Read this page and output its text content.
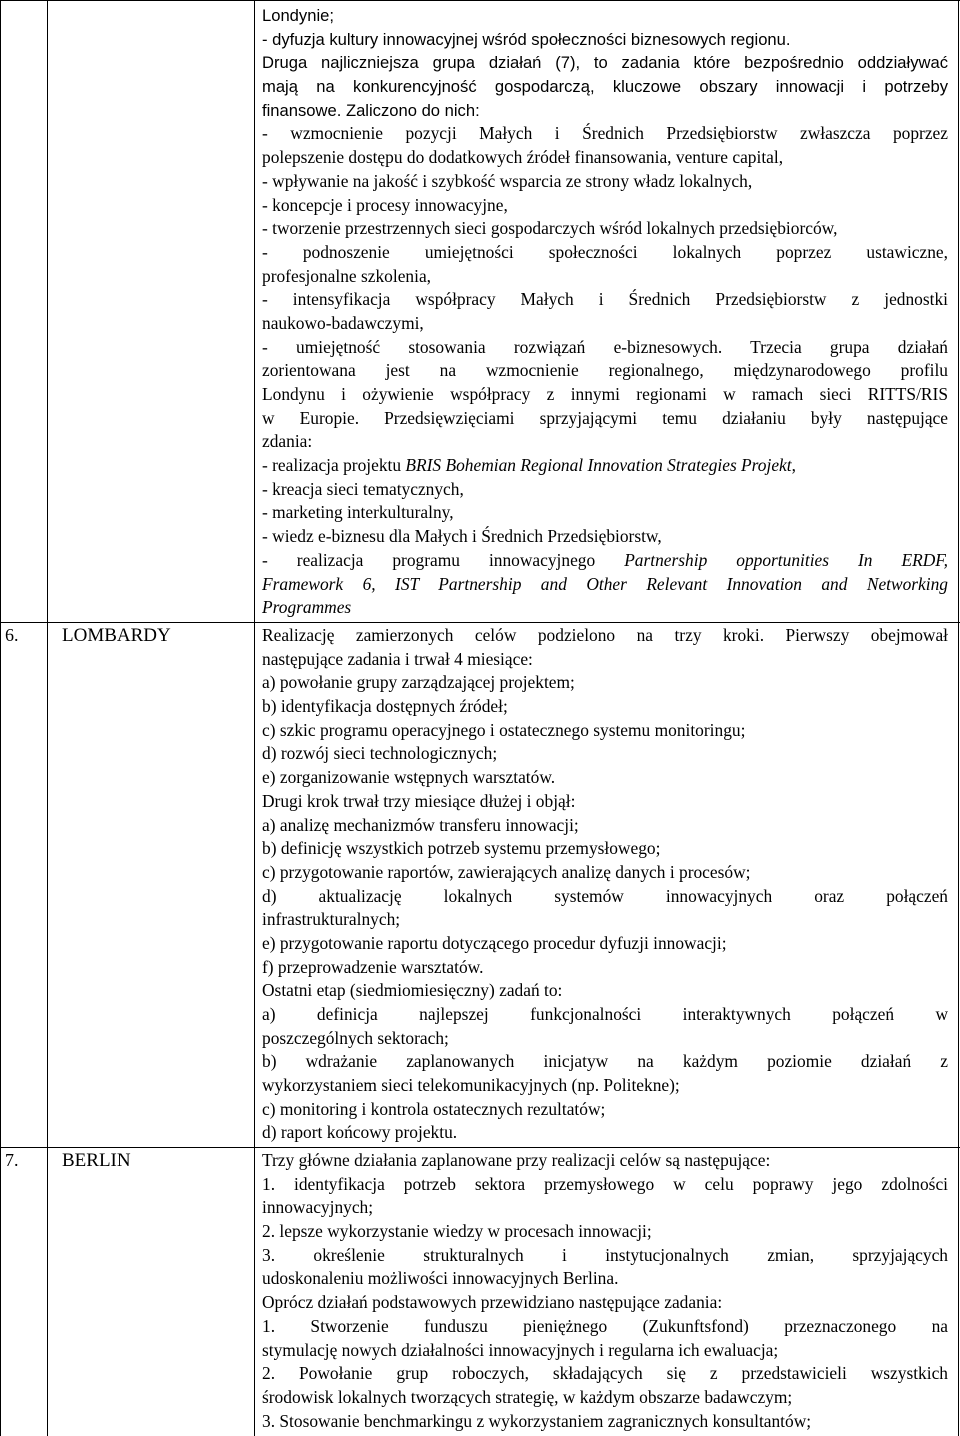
Londynie;
- dyfuzja kultury innowacyjnej wśród społeczności biznesowych regionu.
Druga najliczniejsza grupa działań (7), to zadania które bezpośrednio oddziaływać
mają na konkurencyjność gospodarczą, kluczowe obszary innowacji i potrzeby
finansowe. Zaliczono do nich:
- wzmocnienie pozycji Małych i Średnich Przedsiębiorstw zwłaszcza poprzez
polepszenie dostępu do dodatkowych źródeł finansowania, venture capital,
- wpływanie na jakość i szybkość wsparcia ze strony władz lokalnych,
- koncepcje i procesy innowacyjne,
- tworzenie przestrzennych sieci gospodarczych wśród lokalnych przedsiębiorców,
- podnoszenie umiejętności społeczności lokalnych poprzez ustawiczne,
profesjonalne szkolenia,
- intensyfikacja współpracy Małych i Średnich Przedsiębiorstw z jednostki
naukowo-badawczymi,
- umiejętność stosowania rozwiązań e-biznesowych. Trzecia grupa działań
zorientowana jest na wzmocnienie regionalnego, międzynarodowego profilu
Londynu i ożywienie współpracy z innymi regionami w ramach sieci RITTS/RIS
w Europie. Przedsięwzięciami sprzyjającymi temu działaniu były następujące
zdania:
- realizacja projektu BRIS Bohemian Regional Innovation Strategies Projekt,
- kreacja sieci tematycznych,
- marketing interkulturalny,
- wiedz e-biznesu dla Małych i Średnich Przedsiębiorstw,
- realizacja programu innowacyjnego Partnership opportunities In ERDF,
Framework 6, IST Partnership and Other Relevant Innovation and Networking
Programmes
6. LOMBARDY	Realizację zamierzonych celów podzielono na trzy kroki. Pierwszy obejmował
następujące zadania i trwał 4 miesiące:
a) powołanie grupy zarządzającej projektem;
b) identyfikacja dostępnych źródeł;
c) szkic programu operacyjnego i ostatecznego systemu monitoringu;
d) rozwój sieci technologicznych;
e) zorganizowanie wstępnych warsztatów.
Drugi krok trwał trzy miesiące dłużej i objął:
a) analizę mechanizmów transferu innowacji;
b) definicję wszystkich potrzeb systemu przemysłowego;
c) przygotowanie raportów, zawierających analizę danych i procesów;
d) aktualizację lokalnych systemów innowacyjnych oraz połączeń
infrastrukturalnych;
e) przygotowanie raportu dotyczącego procedur dyfuzji innowacji;
f) przeprowadzenie warsztatów.
Ostatni etap (siedmiomiesięczny) zadań to:
a) definicja najlepszej funkcjonalności interaktywnych połączeń w
poszczególnych sektorach;
b) wdrażanie zaplanowanych inicjatyw na każdym poziomie działań z
wykorzystaniem sieci telekomunikacyjnych (np. Politekne);
c) monitoring i kontrola ostatecznych rezultatów;
d) raport końcowy projektu.
7. BERLIN	Trzy główne działania zaplanowane przy realizacji celów są następujące:
1. identyfikacja potrzeb sektora przemysłowego w celu poprawy jego zdolności
innowacyjnych;
2. lepsze wykorzystanie wiedzy w procesach innowacji;
3. określenie strukturalnych i instytucjonalnych zmian, sprzyjających
udoskonaleniu możliwości innowacyjnych Berlina.
Oprócz działań podstawowych przewidziano następujące zadania:
1. Stworzenie funduszu pieniężnego (Zukunftsfond) przeznaczonego na
stymulację nowych działalności innowacyjnych i regularna ich ewaluacja;
2. Powołanie grup roboczych, składających się z przedstawicieli wszystkich
środowisk lokalnych tworzących strategię, w każdym obszarze badawczym;
3. Stosowanie benchmarkingu z wykorzystaniem zagranicznych konsultantów;
